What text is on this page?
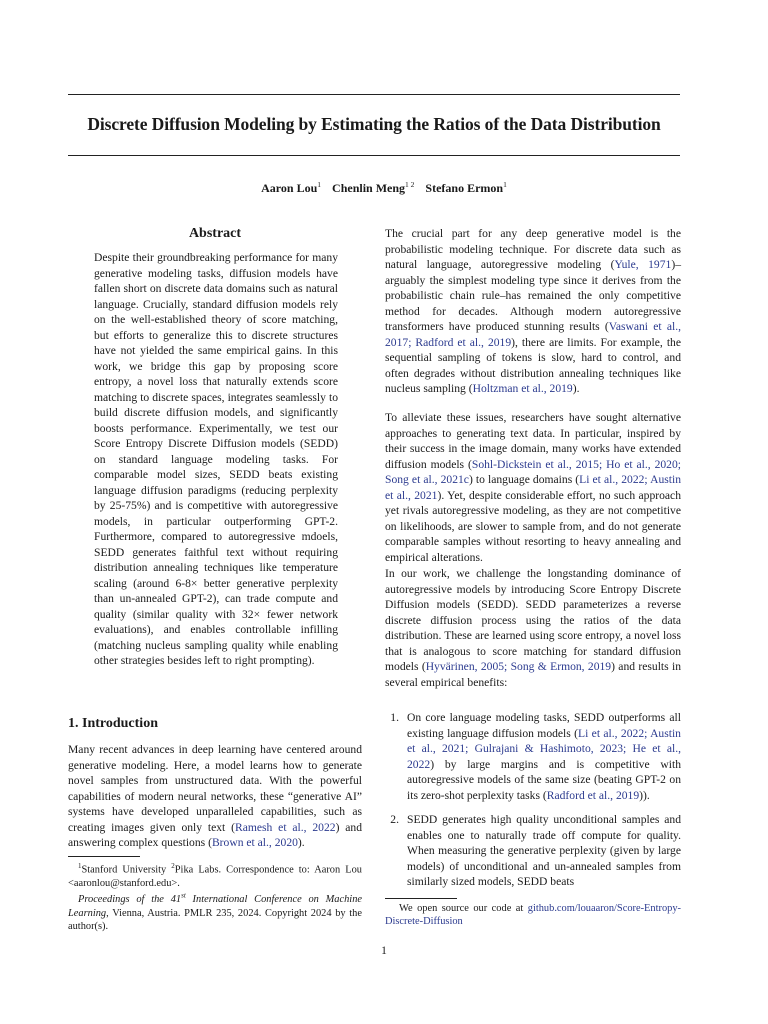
Discrete Diffusion Modeling by Estimating the Ratios of the Data Distribution
Aaron Lou$^1$ Chenlin Meng$^{1 2}$ Stefano Ermon$^1$
Abstract

Despite their groundbreaking performance for many generative modeling tasks, diffusion models have fallen short on discrete data domains such as natural language. Crucially, standard diffusion models rely on the well-established theory of score matching, but efforts to generalize this to discrete structures have not yielded the same empirical gains. In this work, we bridge this gap by proposing score entropy, a novel loss that naturally extends score matching to discrete spaces, integrates seamlessly to build discrete diffusion models, and significantly boosts performance. Experimentally, we test our Score Entropy Discrete Diffusion models (SEDD) on standard language modeling tasks. For comparable model sizes, SEDD beats existing language diffusion paradigms (reducing perplexity by 25-75%) and is competitive with autoregressive models, in particular outperforming GPT-2. Furthermore, compared to autoregressive mdoels, SEDD generates faithful text without requiring distribution annealing techniques like temperature scaling (around 6-8× better generative perplexity than un-annealed GPT-2), can trade compute and quality (similar quality with 32× fewer network evaluations), and enables controllable infilling (matching nucleus sampling quality while enabling other strategies besides left to right prompting).

1. Introduction

Many recent advances in deep learning have centered around generative modeling. Here, a model learns how to generate novel samples from unstructured data. With the powerful capabilities of modern neural networks, these “generative AI” systems have developed unparalleled capabilities, such as creating images given only text (Ramesh et al., 2022) and answering complex questions (Brown et al., 2020).

$^1$Stanford University $^2$Pika Labs. Correspondence to: Aaron Lou <aaronlou@stanford.edu>.

Proceedings of the 41st International Conference on Machine Learning, Vienna, Austria. PMLR 235, 2024. Copyright 2024 by the author(s).

The crucial part for any deep generative model is the probabilistic modeling technique. For discrete data such as natural language, autoregressive modeling (Yule, 1971)–arguably the simplest modeling type since it derives from the probabilistic chain rule–has remained the only competitive method for decades. Although modern autoregressive transformers have produced stunning results (Vaswani et al., 2017; Radford et al., 2019), there are limits. For example, the sequential sampling of tokens is slow, hard to control, and often degrades without distribution annealing techniques like nucleus sampling (Holtzman et al., 2019).

To alleviate these issues, researchers have sought alternative approaches to generating text data. In particular, inspired by their success in the image domain, many works have extended diffusion models (Sohl-Dickstein et al., 2015; Ho et al., 2020; Song et al., 2021c) to language domains (Li et al., 2022; Austin et al., 2021). Yet, despite considerable effort, no such approach yet rivals autoregressive modeling, as they are not competitive on likelihoods, are slower to sample from, and do not generate comparable samples without resorting to heavy annealing and empirical alterations.

In our work, we challenge the longstanding dominance of autoregressive models by introducing Score Entropy Discrete Diffusion models (SEDD). SEDD parameterizes a reverse discrete diffusion process using the ratios of the data distribution. These are learned using score entropy, a novel loss that is analogous to score matching for standard diffusion models (Hyvärinen, 2005; Song & Ermon, 2019) and results in several empirical benefits:

1. On core language modeling tasks, SEDD outperforms all existing language diffusion models (Li et al., 2022; Austin et al., 2021; Gulrajani & Hashimoto, 2023; He et al., 2022) by large margins and is competitive with autoregressive models of the same size (beating GPT-2 on its zero-shot perplexity tasks (Radford et al., 2019)).

2. SEDD generates high quality unconditional samples and enables one to naturally trade off compute for quality. When measuring the generative perplexity (given by large models) of unconditional and un-annealed samples from similarly sized models, SEDD beats

We open source our code at github.com/louaaron/Score-Entropy-Discrete-Diffusion

1
